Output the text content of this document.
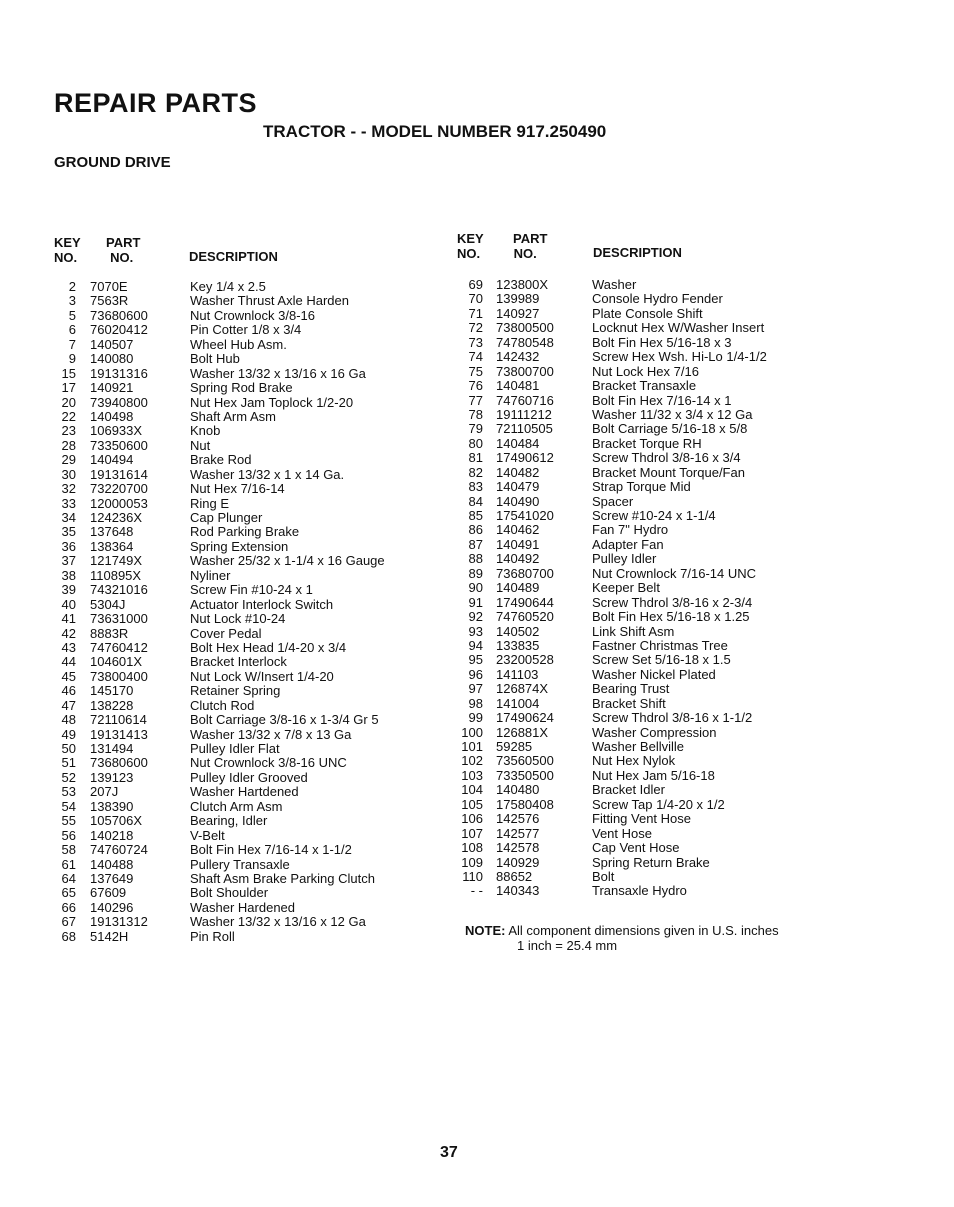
REPAIR PARTS
TRACTOR - - MODEL NUMBER 917.250490
GROUND DRIVE
KEY
NO.
PART
NO.	DESCRIPTION
KEY
NO.
PART
NO.	DESCRIPTION
2 7070E	Key 1/4 x 2.5
3 7563R	Washer Thrust Axle Harden
5 73680600	Nut Crownlock 3/8-16
6 76020412	Pin Cotter 1/8 x 3/4
7 140507	Wheel Hub Asm.
9 140080	Bolt Hub
15 19131316	Washer 13/32 x 13/16 x 16 Ga
17 140921	Spring Rod Brake
20 73940800	Nut Hex Jam Toplock 1/2-20
22 140498	Shaft Arm Asm
23 106933X	Knob
28 73350600	Nut
29 140494	Brake Rod
30 19131614	Washer 13/32 x 1 x 14 Ga.
32 73220700	Nut Hex 7/16-14
33 12000053	Ring E
34 124236X	Cap Plunger
35 137648	Rod Parking Brake
36 138364	Spring Extension
37 121749X	Washer 25/32 x 1-1/4 x 16 Gauge
38 110895X	Nyliner
39 74321016	Screw Fin #10-24 x 1
40 5304J	Actuator Interlock Switch
41 73631000	Nut Lock #10-24
42 8883R	Cover Pedal
43 74760412	Bolt Hex Head 1/4-20 x 3/4
44 104601X	Bracket Interlock
45 73800400	Nut Lock W/Insert 1/4-20
46 145170	Retainer Spring
47 138228	Clutch Rod
48 72110614	Bolt Carriage 3/8-16 x 1-3/4 Gr 5
49 19131413	Washer 13/32 x 7/8 x 13 Ga
50 131494	Pulley Idler Flat
51 73680600	Nut Crownlock 3/8-16 UNC
52 139123	Pulley Idler Grooved
53 207J	Washer Hartdened
54 138390	Clutch Arm Asm
55 105706X	Bearing, Idler
56 140218	V-Belt
58 74760724	Bolt Fin Hex 7/16-14 x 1-1/2
61 140488	Pullery Transaxle
64 137649	Shaft Asm Brake Parking Clutch
65 67609	Bolt Shoulder
66 140296	Washer Hardened
67 19131312	Washer 13/32 x 13/16 x 12 Ga
68 5142H	Pin Roll
69 123800X	Washer
70 139989	Console Hydro Fender
71 140927	Plate Console Shift
72 73800500	Locknut Hex W/Washer Insert
73 74780548	Bolt Fin Hex 5/16-18 x 3
74 142432	Screw Hex Wsh. Hi-Lo 1/4-1/2
75 73800700	Nut Lock Hex 7/16
76 140481	Bracket Transaxle
77 74760716	Bolt Fin Hex 7/16-14 x 1
78 19111212	Washer 11/32 x 3/4 x 12 Ga
79 72110505	Bolt Carriage 5/16-18 x 5/8
80 140484	Bracket Torque RH
81 17490612	Screw Thdrol 3/8-16 x 3/4
82 140482	Bracket Mount Torque/Fan
83 140479	Strap Torque Mid
84 140490	Spacer
85 17541020	Screw #10-24 x 1-1/4
86 140462	Fan 7" Hydro
87 140491	Adapter Fan
88 140492	Pulley Idler
89 73680700	Nut Crownlock 7/16-14 UNC
90 140489	Keeper Belt
91 17490644	Screw Thdrol 3/8-16 x 2-3/4
92 74760520	Bolt Fin Hex 5/16-18 x 1.25
93 140502	Link Shift Asm
94 133835	Fastner Christmas Tree
95 23200528	Screw Set 5/16-18 x 1.5
96 141103	Washer Nickel Plated
97 126874X	Bearing Trust
98 141004	Bracket Shift
99 17490624	Screw Thdrol 3/8-16 x 1-1/2
100 126881X	Washer Compression
101 59285	Washer Bellville
102 73560500	Nut Hex Nylok
103 73350500	Nut Hex Jam 5/16-18
104 140480	Bracket Idler
105 17580408	Screw Tap 1/4-20 x 1/2
106 142576	Fitting Vent Hose
107 142577	Vent Hose
108 142578	Cap Vent Hose
109 140929	Spring Return Brake
110 88652	Bolt
- - 140343	Transaxle Hydro
NOTE: All component dimensions given in U.S. inches
1 inch = 25.4 mm
37
